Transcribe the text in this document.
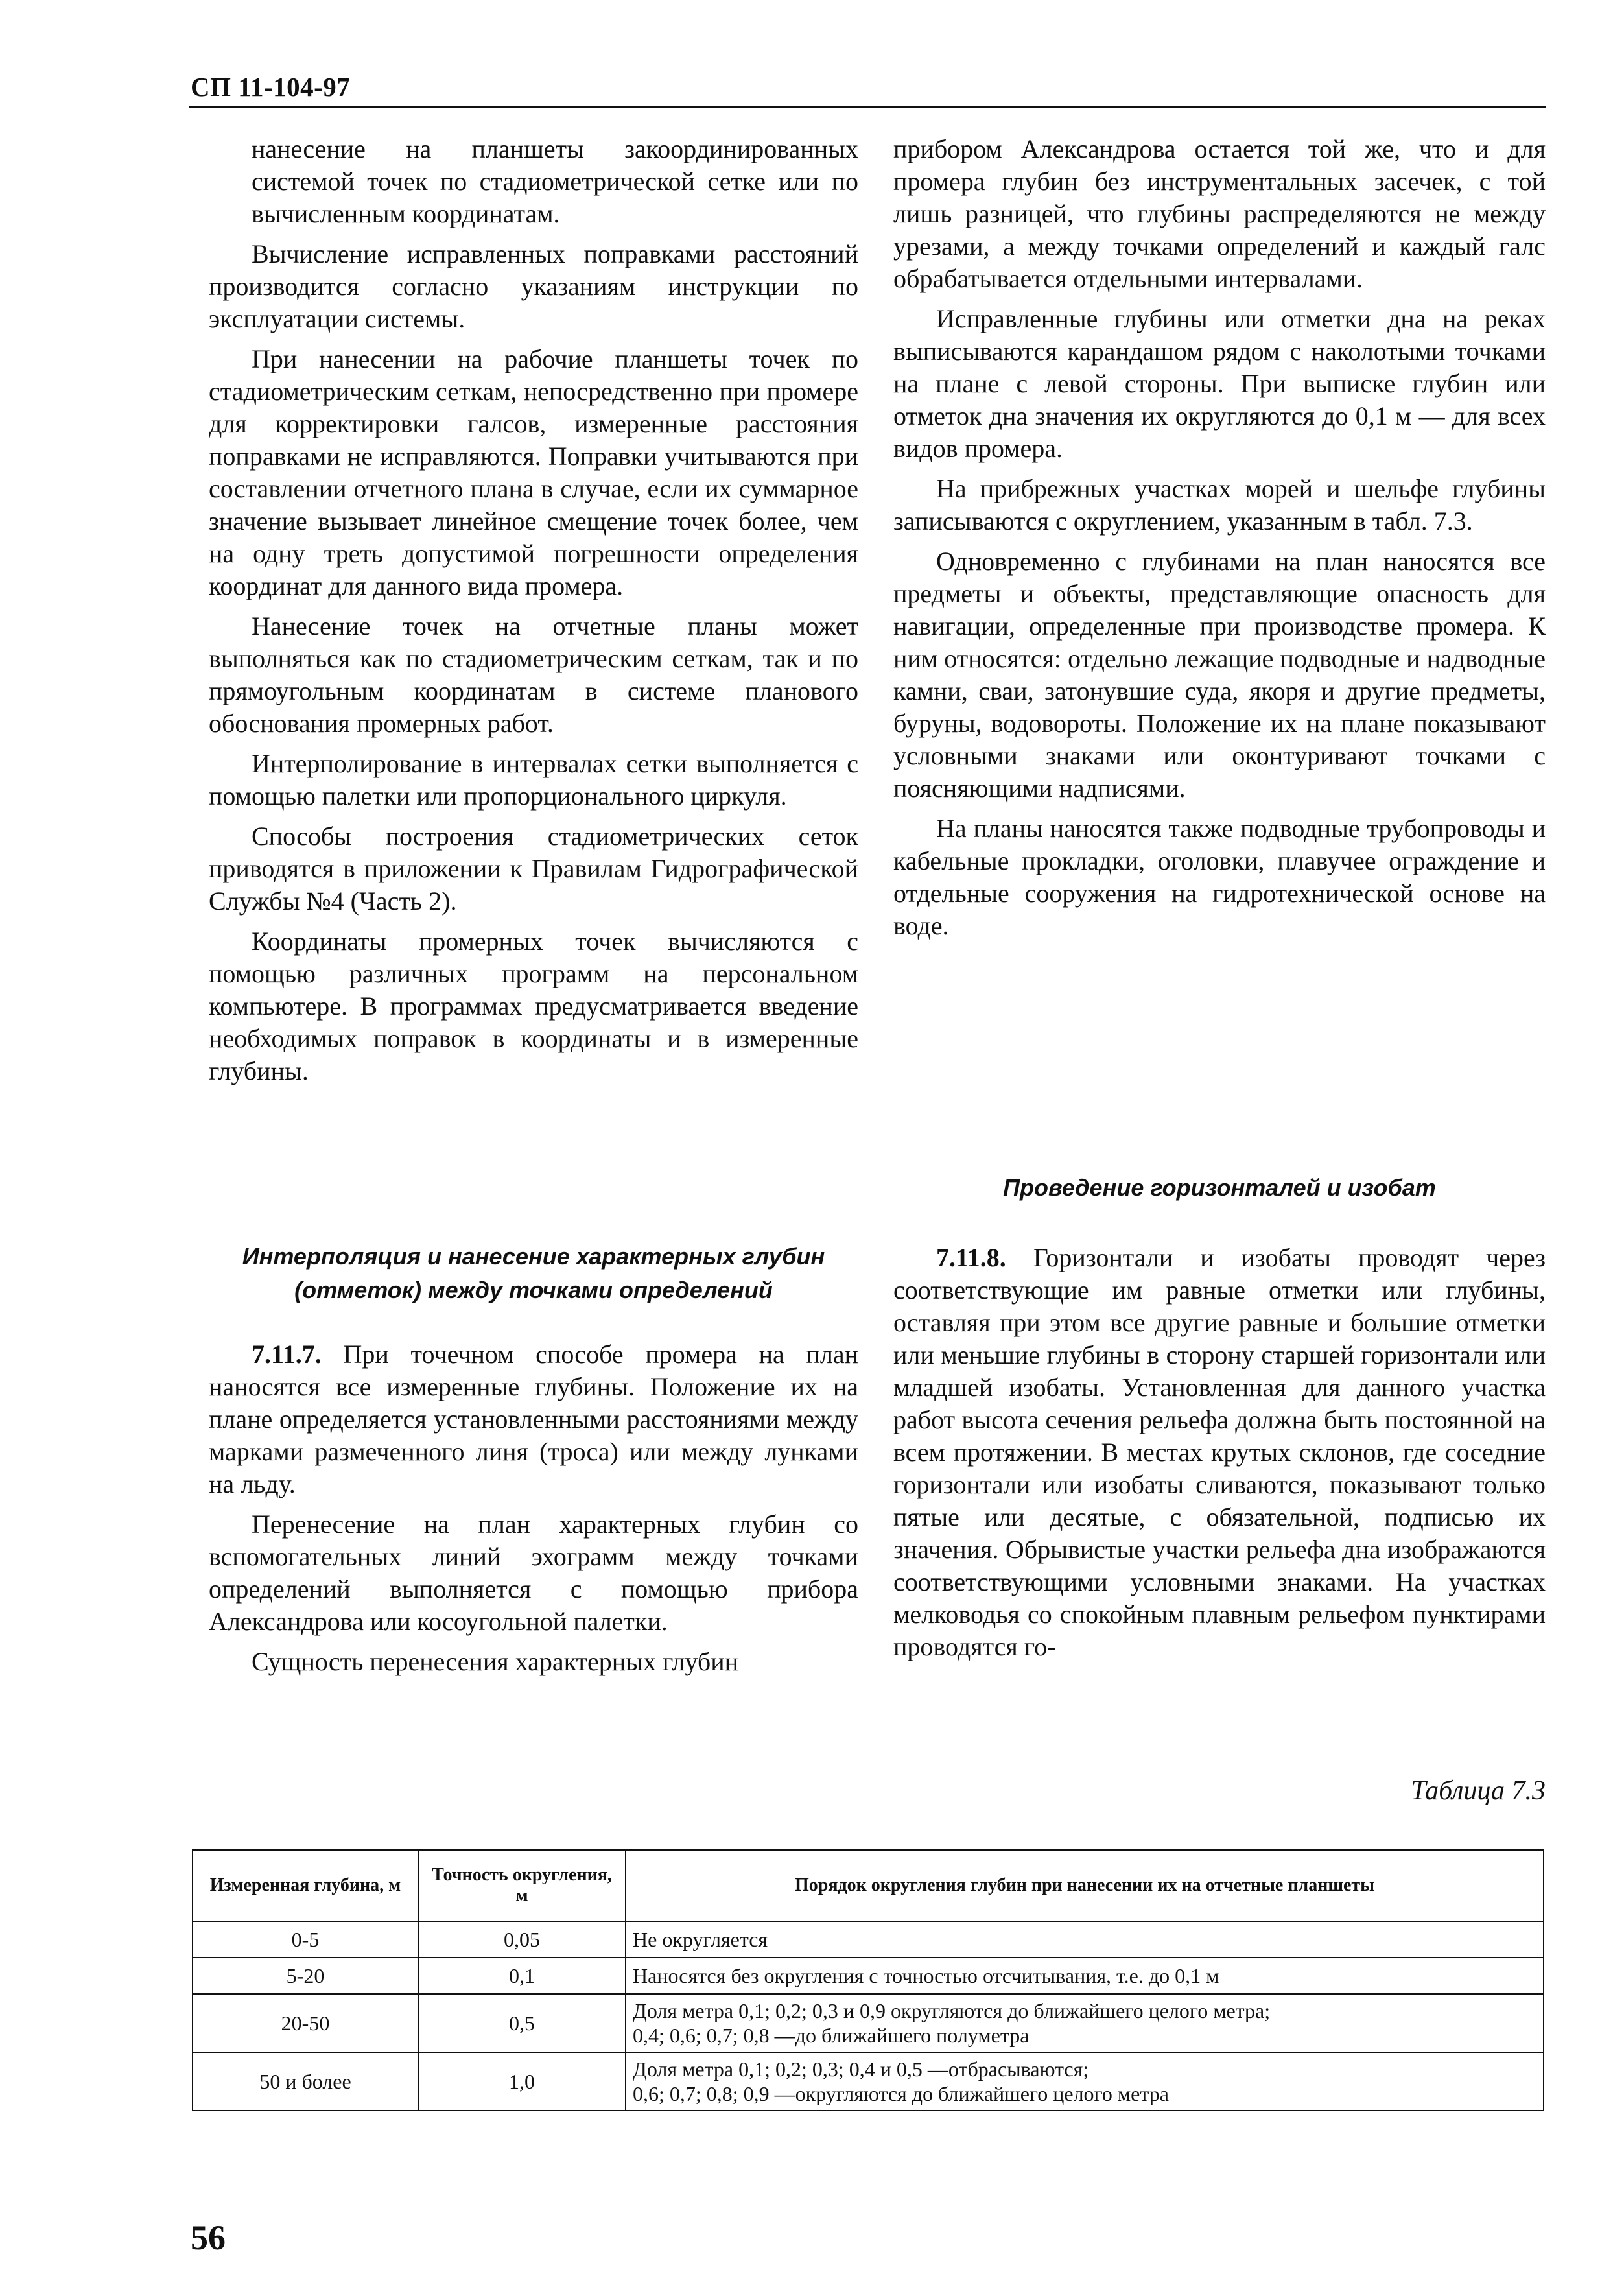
СП 11-104-97

нанесение на планшеты закоординированных системой точек по стадиометрической сетке или по вычисленным координатам.

Вычисление исправленных поправками расстояний производится согласно указаниям инструкции по эксплуатации системы.

При нанесении на рабочие планшеты точек по стадиометрическим сеткам, непосредственно при промере для корректировки галсов, измеренные расстояния поправками не исправляются. Поправки учитываются при составлении отчетного плана в случае, если их суммарное значение вызывает линейное смещение точек более, чем на одну треть допустимой погрешности определения координат для данного вида промера.

Нанесение точек на отчетные планы может выполняться как по стадиометрическим сеткам, так и по прямоугольным координатам в системе планового обоснования промерных работ.

Интерполирование в интервалах сетки выполняется с помощью палетки или пропорционального циркуля.

Способы построения стадиометрических сеток приводятся в приложении к Правилам Гидрографической Службы №4 (Часть 2).

Координаты промерных точек вычисляются с помощью различных программ на персональном компьютере. В программах предусматривается введение необходимых поправок в координаты и в измеренные глубины.

Интерполяция и нанесение характерных глубин (отметок) между точками определений

7.11.7. При точечном способе промера на план наносятся все измеренные глубины. Положение их на плане определяется установленными расстояниями между марками размеченного линя (троса) или между лунками на льду.

Перенесение на план характерных глубин со вспомогательных линий эхограмм между точками определений выполняется с помощью прибора Александрова или косоугольной палетки.

Сущность перенесения характерных глубин

прибором Александрова остается той же, что и для промера глубин без инструментальных засечек, с той лишь разницей, что глубины распределяются не между урезами, а между точками определений и каждый галс обрабатывается отдельными интервалами.

Исправленные глубины или отметки дна на реках выписываются карандашом рядом с наколотыми точками на плане с левой стороны. При выписке глубин или отметок дна значения их округляются до 0,1 м — для всех видов промера.

На прибрежных участках морей и шельфе глубины записываются с округлением, указанным в табл. 7.3.

Одновременно с глубинами на план наносятся все предметы и объекты, представляющие опасность для навигации, определенные при производстве промера. К ним относятся: отдельно лежащие подводные и надводные камни, сваи, затонувшие суда, якоря и другие предметы, буруны, водовороты. Положение их на плане показывают условными знаками или оконтуривают точками с поясняющими надписями.

На планы наносятся также подводные трубопроводы и кабельные прокладки, оголовки, плавучее ограждение и отдельные сооружения на гидротехнической основе на воде.

Проведение горизонталей и изобат

7.11.8. Горизонтали и изобаты проводят через соответствующие им равные отметки или глубины, оставляя при этом все другие равные и большие отметки или меньшие глубины в сторону старшей горизонтали или младшей изобаты. Установленная для данного участка работ высота сечения рельефа должна быть постоянной на всем протяжении. В местах крутых склонов, где соседние горизонтали или изобаты сливаются, показывают только пятые или десятые, с обязательной, подписью их значения. Обрывистые участки рельефа дна изображаются соответствующими условными знаками. На участках мелководья со спокойным плавным рельефом пунктирами проводятся го-

Таблица 7.3
Измеренная глубина, м	Точность округления, м	Порядок округления глубин при нанесении их на отчетные планшеты
0-5	0,05	Не округляется

5-20	0,1	Наносятся без округления с точностью отсчитывания, т.е. до 0,1 м

20-50	0,5	Доля метра 0,1; 0,2; 0,3 и 0,9 округляются до ближайшего целого метра;
0,4; 0,6; 0,7; 0,8 —до ближайшего полуметра

50 и более	1,0	Доля метра 0,1; 0,2; 0,3; 0,4 и 0,5 —отбрасываются;
0,6; 0,7; 0,8; 0,9 —округляются до ближайшего целого метра
56
